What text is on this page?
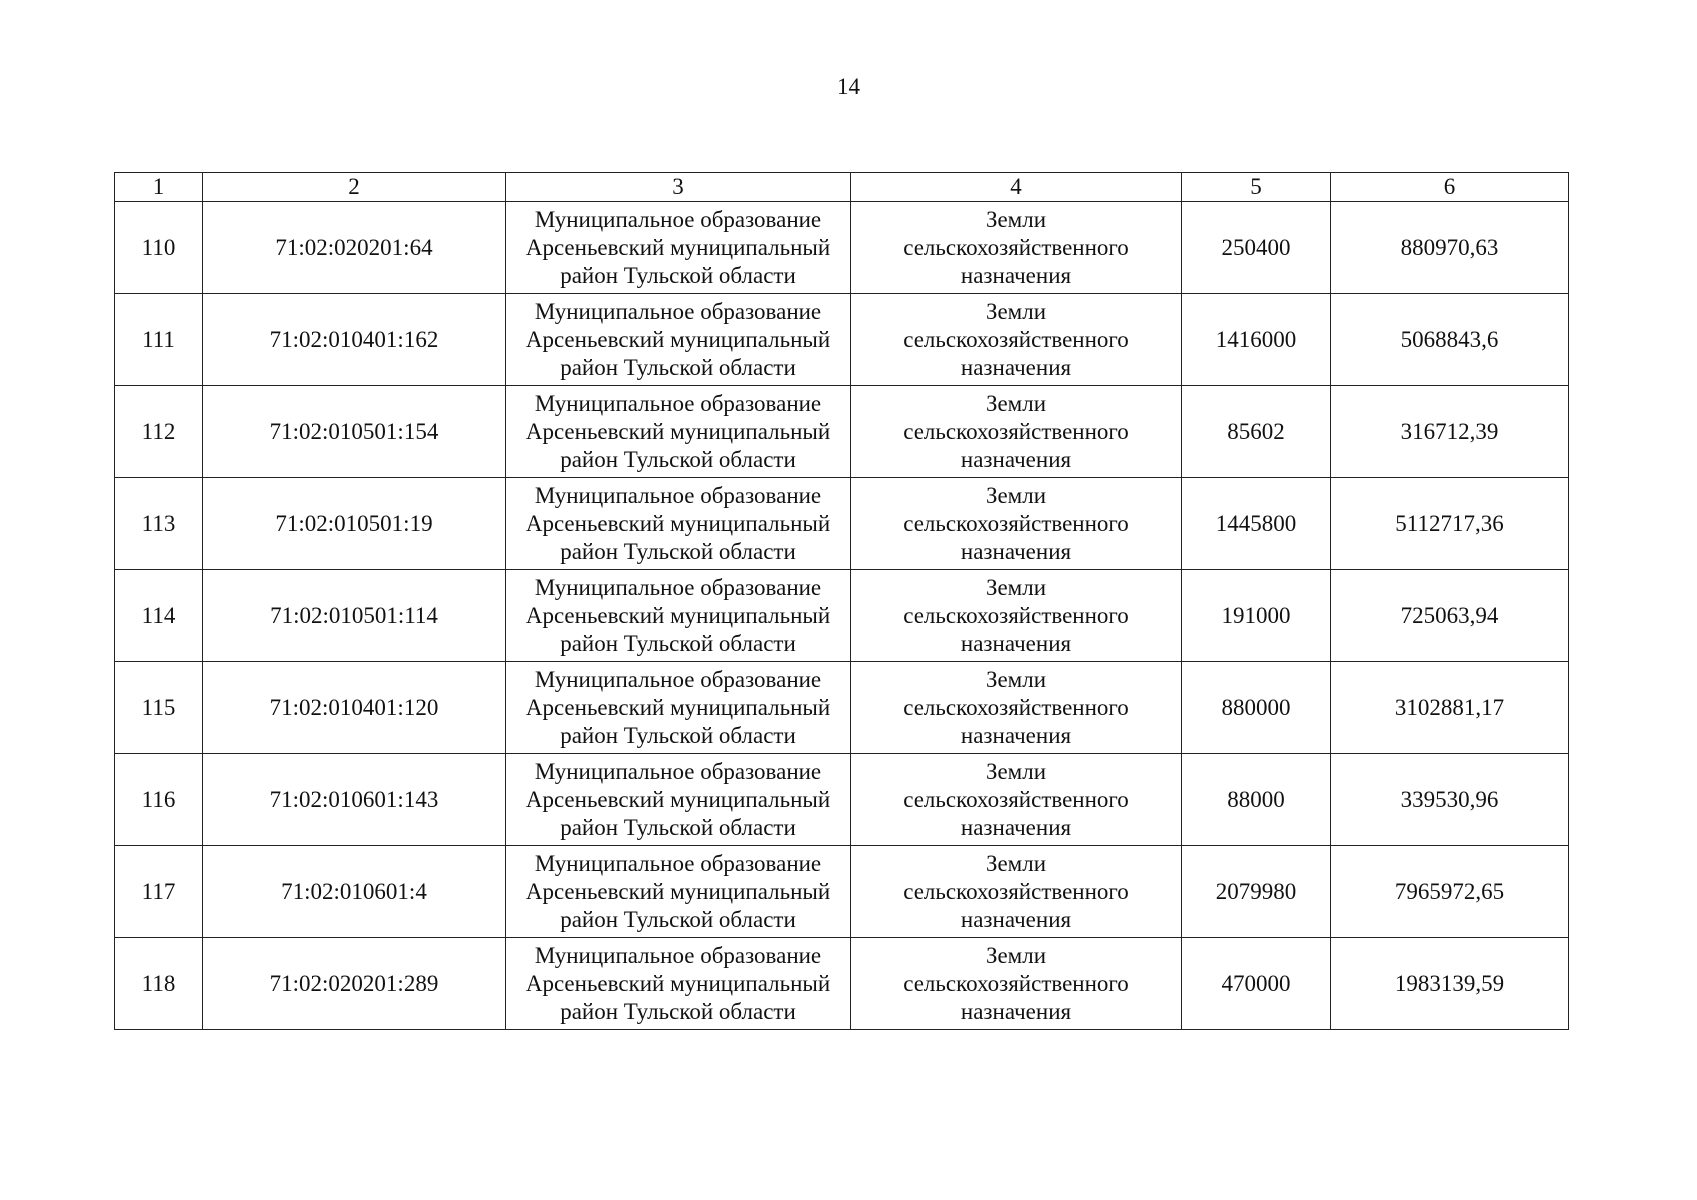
14
1	2	3	4	5	6
110	71:02:020201:64	Муниципальное образование
Арсеньевский муниципальный
район Тульской области	Земли
сельскохозяйственного
назначения	250400	880970,63
111	71:02:010401:162	Муниципальное образование
Арсеньевский муниципальный
район Тульской области	Земли
сельскохозяйственного
назначения	1416000	5068843,6
112	71:02:010501:154	Муниципальное образование
Арсеньевский муниципальный
район Тульской области	Земли
сельскохозяйственного
назначения	85602	316712,39
113	71:02:010501:19	Муниципальное образование
Арсеньевский муниципальный
район Тульской области	Земли
сельскохозяйственного
назначения	1445800	5112717,36
114	71:02:010501:114	Муниципальное образование
Арсеньевский муниципальный
район Тульской области	Земли
сельскохозяйственного
назначения	191000	725063,94
115	71:02:010401:120	Муниципальное образование
Арсеньевский муниципальный
район Тульской области	Земли
сельскохозяйственного
назначения	880000	3102881,17
116	71:02:010601:143	Муниципальное образование
Арсеньевский муниципальный
район Тульской области	Земли
сельскохозяйственного
назначения	88000	339530,96
117	71:02:010601:4	Муниципальное образование
Арсеньевский муниципальный
район Тульской области	Земли
сельскохозяйственного
назначения	2079980	7965972,65
118	71:02:020201:289	Муниципальное образование
Арсеньевский муниципальный
район Тульской области	Земли
сельскохозяйственного
назначения	470000	1983139,59
